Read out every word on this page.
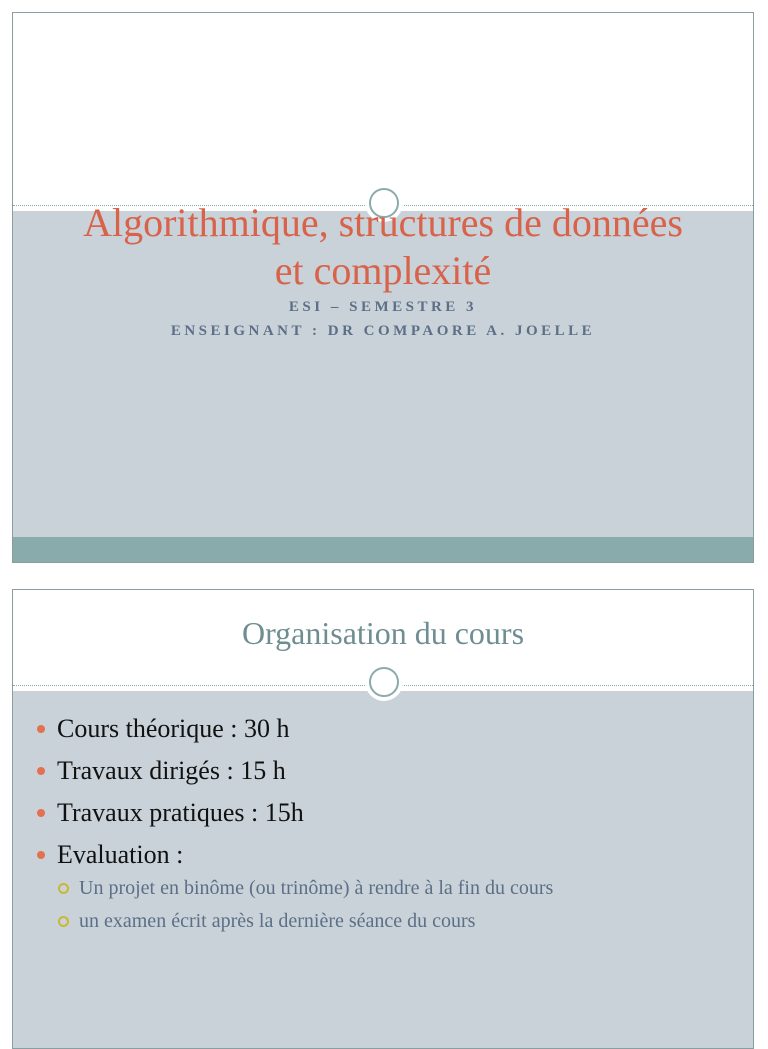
Algorithmique, structures de données
et complexité
ESI – SEMESTRE 3
ENSEIGNANT : DR COMPAORE A. JOELLE
Organisation du cours
Cours théorique : 30 h
Travaux dirigés : 15 h
Travaux pratiques : 15h
Evaluation :
Un projet en binôme (ou trinôme) à rendre à la fin du cours
un examen écrit après la dernière séance du cours
